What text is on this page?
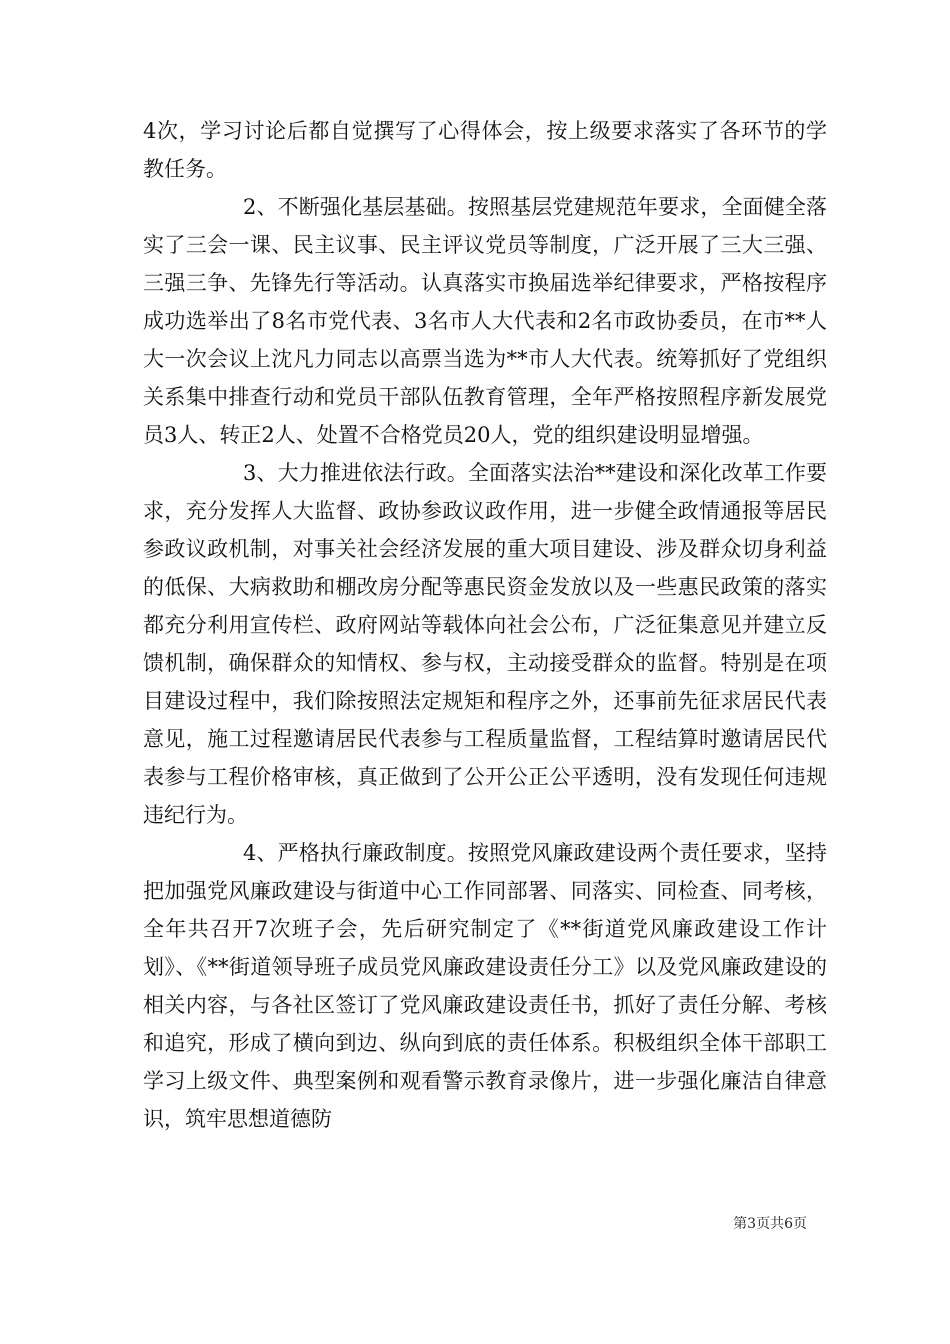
4次，学习讨论后都自觉撰写了心得体会，按上级要求落实了各环节的学教任务。

2、不断强化基层基础。按照基层党建规范年要求，全面健全落实了三会一课、民主议事、民主评议党员等制度，广泛开展了三大三强、三强三争、先锋先行等活动。认真落实市换届选举纪律要求，严格按程序成功选举出了8名市党代表、3名市人大代表和2名市政协委员，在市**人大一次会议上沈凡力同志以高票当选为**市人大代表。统筹抓好了党组织关系集中排查行动和党员干部队伍教育管理，全年严格按照程序新发展党员3人、转正2人、处置不合格党员20人，党的组织建设明显增强。

3、大力推进依法行政。全面落实法治**建设和深化改革工作要求，充分发挥人大监督、政协参政议政作用，进一步健全政情通报等居民参政议政机制，对事关社会经济发展的重大项目建设、涉及群众切身利益的低保、大病救助和棚改房分配等惠民资金发放以及一些惠民政策的落实都充分利用宣传栏、政府网站等载体向社会公布，广泛征集意见并建立反馈机制，确保群众的知情权、参与权，主动接受群众的监督。特别是在项目建设过程中，我们除按照法定规矩和程序之外，还事前先征求居民代表意见，施工过程邀请居民代表参与工程质量监督，工程结算时邀请居民代表参与工程价格审核，真正做到了公开公正公平透明，没有发现任何违规违纪行为。

4、严格执行廉政制度。按照党风廉政建设两个责任要求，坚持把加强党风廉政建设与街道中心工作同部署、同落实、同检查、同考核，全年共召开7次班子会，先后研究制定了《**街道党风廉政建设工作计划》、《**街道领导班子成员党风廉政建设责任分工》以及党风廉政建设的相关内容，与各社区签订了党风廉政建设责任书，抓好了责任分解、考核和追究，形成了横向到边、纵向到底的责任体系。积极组织全体干部职工学习上级文件、典型案例和观看警示教育录像片，进一步强化廉洁自律意识，筑牢思想道德防

第3页共6页
